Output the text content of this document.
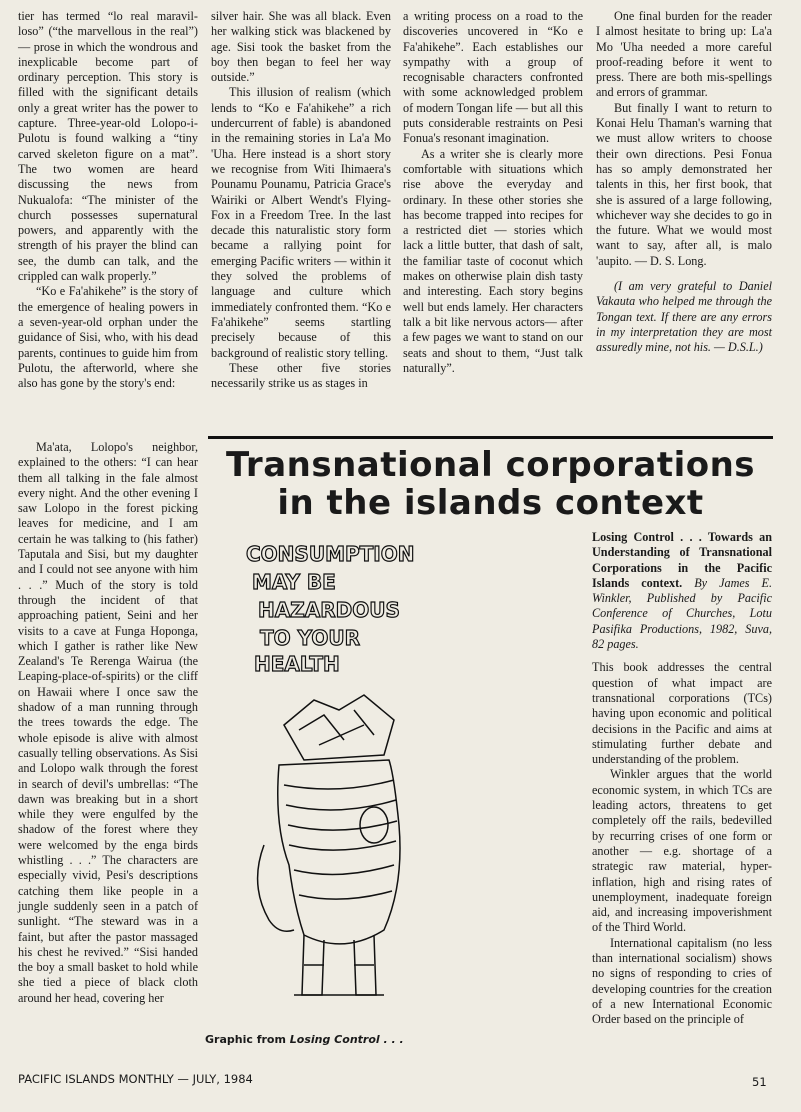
tier has termed “lo real maravil- loso” (“the marvellous in the real”) — prose in which the wondrous and inexplicable become part of ordinary perception. This story is filled with the significant details only a great writer has the power to capture. Three-year-old Lolopo-i-Pulotu is found walking a “tiny carved skeleton figure on a mat”. The two women are heard discussing the news from Nukualofa: “The minister of the church possesses supernatural powers, and apparently with the strength of his prayer the blind can see, the dumb can talk, and the crippled can walk properly.”

“Ko e Fa'ahikehe” is the story of the emergence of healing powers in a seven-year-old orphan under the guidance of Sisi, who, with his dead parents, continues to guide him from Pulotu, the afterworld, where she also has gone by the story's end:

silver hair. She was all black. Even her walking stick was blackened by age. Sisi took the basket from the boy then began to feel her way outside.”

This illusion of realism (which lends to “Ko e Fa'ahikehe” a rich undercurrent of fable) is abandoned in the remaining stories in La'a Mo 'Uha. Here instead is a short story we recognise from Witi Ihimaera's Pounamu Pounamu, Patricia Grace's Wairiki or Albert Wendt's Flying-Fox in a Freedom Tree. In the last decade this naturalistic story form became a rallying point for emerging Pacific writers — within it they solved the problems of language and culture which immediately confronted them. “Ko e Fa'ahikehe” seems startling precisely because of this background of realistic story telling.

These other five stories necessarily strike us as stages in

a writing process on a road to the discoveries uncovered in “Ko e Fa'ahikehe”. Each establishes our sympathy with a group of recognisable characters confronted with some acknowledged problem of modern Tongan life — but all this puts considerable restraints on Pesi Fonua's resonant imagination.

As a writer she is clearly more comfortable with situations which rise above the everyday and ordinary. In these other stories she has become trapped into recipes for a restricted diet — stories which lack a little butter, that dash of salt, the familiar taste of coconut which makes on otherwise plain dish tasty and interesting. Each story begins well but ends lamely. Her characters talk a bit like nervous actors— after a few pages we want to stand on our seats and shout to them, “Just talk naturally”.

One final burden for the reader I almost hesitate to bring up: La'a Mo 'Uha needed a more careful proof-reading before it went to press. There are both mis-spellings and errors of grammar.

But finally I want to return to Konai Helu Thaman's warning that we must allow writers to choose their own directions. Pesi Fonua has so amply demonstrated her talents in this, her first book, that she is assured of a large following, whichever way she decides to go in the future. What we would most want to say, after all, is malo 'aupito. — D. S. Long.

(I am very grateful to Daniel Vakauta who helped me through the Tongan text. If there are any errors in my interpretation they are most assuredly mine, not his. — D.S.L.)

Ma'ata, Lolopo's neighbor, explained to the others: “I can hear them all talking in the fale almost every night. And the other evening I saw Lolopo in the forest picking leaves for medicine, and I am certain he was talking to (his father) Taputala and Sisi, but my daughter and I could not see anyone with him . . .” Much of the story is told through the incident of that approaching patient, Seini and her visits to a cave at Funga Hoponga, which I gather is rather like New Zealand's Te Rerenga Wairua (the Leaping-place-of-spirits) or the cliff on Hawaii where I once saw the shadow of a man running through the trees towards the edge. The whole episode is alive with almost casually telling observations. As Sisi and Lolopo walk through the forest in search of devil's umbrellas: “The dawn was breaking but in a short while they were engulfed by the shadow of the forest where they were welcomed by the enga birds whistling . . .” The characters are especially vivid, Pesi's descriptions catching them like people in a jungle suddenly seen in a patch of sunlight. “The steward was in a faint, but after the pastor massaged his chest he revived.” “Sisi handed the boy a small basket to hold while she tied a piece of black cloth around her head, covering her

Transnational corporations
in the islands context
CONSUMPTION
MAY BE
HAZARDOUS
TO YOUR
HEALTH
Graphic from Losing Control . . .

Losing Control . . . Towards an Understanding of Transnational Corporations in the Pacific Islands context. By James E. Winkler, Published by Pacific Conference of Churches, Lotu Pasifika Productions, 1982, Suva, 82 pages.

This book addresses the central question of what impact are transnational corporations (TCs) having upon economic and political decisions in the Pacific and aims at stimulating further debate and understanding of the problem.

Winkler argues that the world economic system, in which TCs are leading actors, threatens to get completely off the rails, bedevilled by recurring crises of one form or another — e.g. shortage of a strategic raw material, hyper-inflation, high and rising rates of unemployment, inadequate foreign aid, and increasing impoverishment of the Third World.

International capitalism (no less than international socialism) shows no signs of responding to cries of developing countries for the creation of a new International Economic Order based on the principle of

PACIFIC ISLANDS MONTHLY — JULY, 1984	51
